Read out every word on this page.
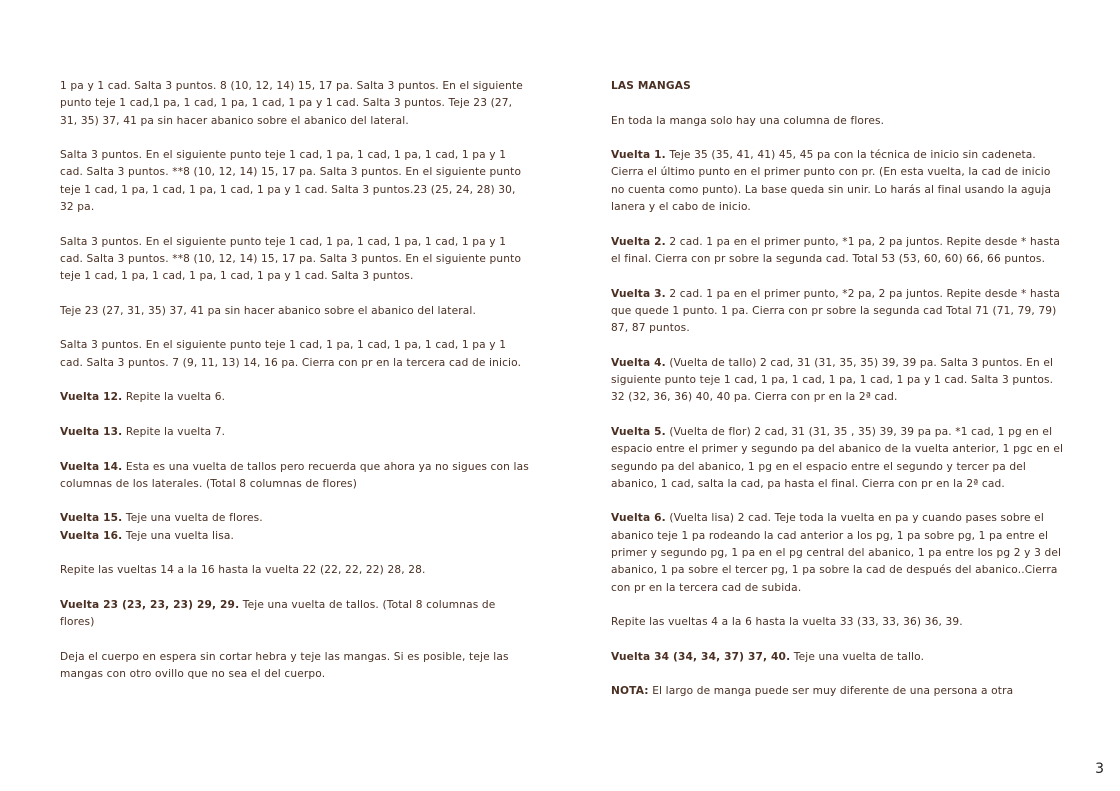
1 pa y 1 cad. Salta 3 puntos. 8 (10, 12, 14) 15, 17 pa. Salta 3 puntos. En el siguiente punto teje 1 cad,1 pa, 1 cad, 1 pa, 1 cad, 1 pa y 1 cad. Salta 3 puntos. Teje 23 (27, 31, 35) 37, 41 pa sin hacer abanico sobre el abanico del lateral.

Salta 3 puntos. En el siguiente punto teje 1 cad, 1 pa, 1 cad, 1 pa, 1 cad, 1 pa y 1 cad. Salta 3 puntos. **8 (10, 12, 14) 15, 17 pa. Salta 3 puntos. En el siguiente punto teje 1 cad, 1 pa, 1 cad, 1 pa, 1 cad, 1 pa y 1 cad. Salta 3 puntos.23 (25, 24, 28) 30, 32 pa.

Salta 3 puntos. En el siguiente punto teje 1 cad, 1 pa, 1 cad, 1 pa, 1 cad, 1 pa y 1 cad. Salta 3 puntos. **8 (10, 12, 14) 15, 17 pa. Salta 3 puntos. En el siguiente punto teje 1 cad, 1 pa, 1 cad, 1 pa, 1 cad, 1 pa y 1 cad. Salta 3 puntos.

Teje 23 (27, 31, 35) 37, 41 pa sin hacer abanico sobre el abanico del lateral.

Salta 3 puntos. En el siguiente punto teje 1 cad, 1 pa, 1 cad, 1 pa, 1 cad, 1 pa y 1 cad. Salta 3 puntos. 7 (9, 11, 13) 14, 16 pa. Cierra con pr en la tercera cad de inicio.

Vuelta 12. Repite la vuelta 6.

Vuelta 13. Repite la vuelta 7.

Vuelta 14. Esta es una vuelta de tallos pero recuerda que ahora ya no sigues con las columnas de los laterales. (Total 8 columnas de flores)

Vuelta 15. Teje una vuelta de flores.

Vuelta 16. Teje una vuelta lisa.

Repite las vueltas 14 a la 16 hasta la vuelta 22 (22, 22, 22) 28, 28.

Vuelta 23 (23, 23, 23) 29, 29. Teje una vuelta de tallos. (Total 8 columnas de flores)

Deja el cuerpo en espera sin cortar hebra y teje las mangas. Si es posible, teje las mangas con otro ovillo que no sea el del cuerpo.

LAS MANGAS

En toda la manga solo hay una columna de flores.

Vuelta 1. Teje 35 (35, 41, 41) 45, 45 pa con la técnica de inicio sin cadeneta. Cierra el último punto en el primer punto con pr. (En esta vuelta, la cad de inicio no cuenta como punto). La base queda sin unir. Lo harás al final usando la aguja lanera y el cabo de inicio.

Vuelta 2. 2 cad. 1 pa en el primer punto, *1 pa, 2 pa juntos. Repite desde * hasta el final. Cierra con pr sobre la segunda cad. Total 53 (53, 60, 60) 66, 66 puntos.

Vuelta 3. 2 cad. 1 pa en el primer punto, *2 pa, 2 pa juntos. Repite desde * hasta que quede 1 punto. 1 pa. Cierra con pr sobre la segunda cad Total 71 (71, 79, 79) 87, 87 puntos.

Vuelta 4. (Vuelta de tallo) 2 cad, 31 (31, 35, 35) 39, 39 pa. Salta 3 puntos. En el siguiente punto teje 1 cad, 1 pa, 1 cad, 1 pa, 1 cad, 1 pa y 1 cad. Salta 3 puntos. 32 (32, 36, 36) 40, 40 pa. Cierra con pr en la 2ª cad.

Vuelta 5. (Vuelta de flor) 2 cad, 31 (31, 35 , 35) 39, 39 pa pa. *1 cad, 1 pg en el espacio entre el primer y segundo pa del abanico de la vuelta anterior, 1 pgc en el segundo pa del abanico, 1 pg en el espacio entre el segundo y tercer pa del abanico, 1 cad, salta la cad, pa hasta el final. Cierra con pr en la 2ª cad.

Vuelta 6. (Vuelta lisa) 2 cad. Teje toda la vuelta en pa y cuando pases sobre el abanico teje 1 pa rodeando la cad anterior a los pg, 1 pa sobre pg, 1 pa entre el primer y segundo pg, 1 pa en el pg central del abanico, 1 pa entre los pg 2 y 3 del abanico, 1 pa sobre el tercer pg, 1 pa sobre la cad de después del abanico..Cierra con pr en la tercera cad de subida.

Repite las vueltas 4 a la 6 hasta la vuelta 33 (33, 33, 36) 36, 39.

Vuelta 34 (34, 34, 37) 37, 40. Teje una vuelta de tallo.

NOTA: El largo de manga puede ser muy diferente de una persona a otra

3
